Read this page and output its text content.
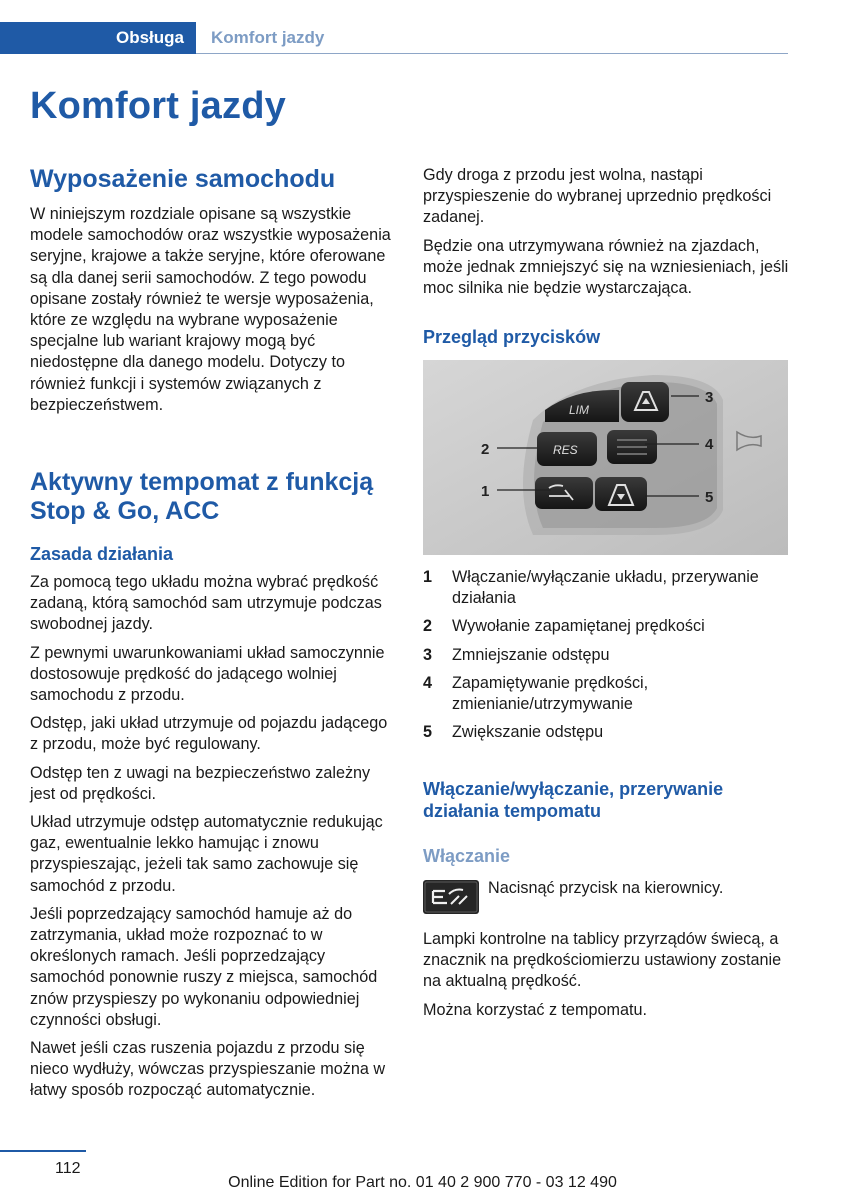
Obsługa Komfort jazdy
Komfort jazdy
Wyposażenie samochodu

W niniejszym rozdziale opisane są wszystkie modele samochodów oraz wszystkie wyposażenia seryjne, krajowe a także seryjne, które oferowane są dla danej serii samochodów. Z tego powodu opisane zostały również te wersje wyposażenia, które ze względu na wybrane wyposażenie specjalne lub wariant krajowy mogą być niedostępne dla danego modelu. Dotyczy to również funkcji i systemów związanych z bezpieczeństwem.

Aktywny tempomat z funkcją Stop & Go, ACC
Zasada działania

Za pomocą tego układu można wybrać prędkość zadaną, którą samochód sam utrzymuje podczas swobodnej jazdy.

Z pewnymi uwarunkowaniami układ samoczynnie dostosowuje prędkość do jadącego wolniej samochodu z przodu.

Odstęp, jaki układ utrzymuje od pojazdu jadącego z przodu, może być regulowany.

Odstęp ten z uwagi na bezpieczeństwo zależny jest od prędkości.

Układ utrzymuje odstęp automatycznie redukując gaz, ewentualnie lekko hamując i znowu przyspieszając, jeżeli tak samo zachowuje się samochód z przodu.

Jeśli poprzedzający samochód hamuje aż do zatrzymania, układ może rozpoznać to w określonych ramach. Jeśli poprzedzający samochód ponownie ruszy z miejsca, samochód znów przyspieszy po wykonaniu odpowiedniej czynności obsługi.

Nawet jeśli czas ruszenia pojazdu z przodu się nieco wydłuży, wówczas przyspieszanie można w łatwy sposób rozpocząć automatycznie.

Gdy droga z przodu jest wolna, nastąpi przyspieszenie do wybranej uprzednio prędkości zadanej.

Będzie ona utrzymywana również na zjazdach, może jednak zmniejszyć się na wzniesieniach, jeśli moc silnika nie będzie wystarczająca.

Przegląd przycisków
LIM
RES
3
2	4
1	5
1 Włączanie/wyłączanie układu, przerywanie działania
2 Wywołanie zapamiętanej prędkości
3 Zmniejszanie odstępu
4 Zapamiętywanie prędkości, zmienianie/utrzymywanie
5 Zwiększanie odstępu
Włączanie/wyłączanie, przerywanie działania tempomatu
Włączanie

Nacisnąć przycisk na kierownicy.

Lampki kontrolne na tablicy przyrządów świecą, a znacznik na prędkościomierzu ustawiony zostanie na aktualną prędkość.

Można korzystać z tempomatu.

112
Online Edition for Part no. 01 40 2 900 770 - 03 12 490
